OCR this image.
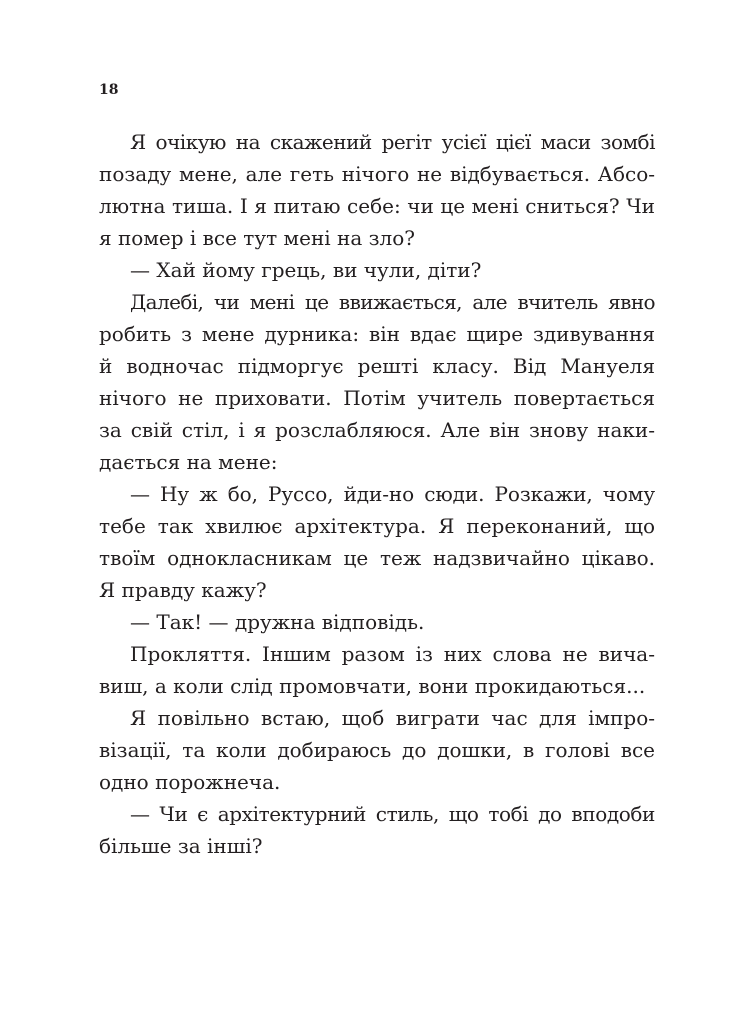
18

Я очікую на скажений регіт усієї цієї маси зомбі
позаду мене, але геть нічого не відбувається. Абсо-
лютна тиша. І я питаю себе: чи це мені сниться? Чи
я помер і все тут мені на зло?
— Хай йому грець, ви чули, діти?
Далебі, чи мені це ввижається, але вчитель явно
робить з мене дурника: він вдає щире здивування
й водночас підморгує решті класу. Від Мануеля
нічого не приховати. Потім учитель повертається
за свій стіл, і я розслабляюся. Але він знову наки-
дається на мене:
— Ну ж бо, Руссо, йди-но сюди. Розкажи, чому
тебе так хвилює архітектура. Я переконаний, що
твоїм однокласникам це теж надзвичайно цікаво.
Я правду кажу?
— Так! — дружна відповідь.
Прокляття. Іншим разом із них слова не вича-
виш, а коли слід промовчати, вони прокидаються...
Я повільно встаю, щоб виграти час для імпро-
візації, та коли добираюсь до дошки, в голові все
одно порожнеча.
— Чи є архітектурний стиль, що тобі до вподоби
більше за інші?
